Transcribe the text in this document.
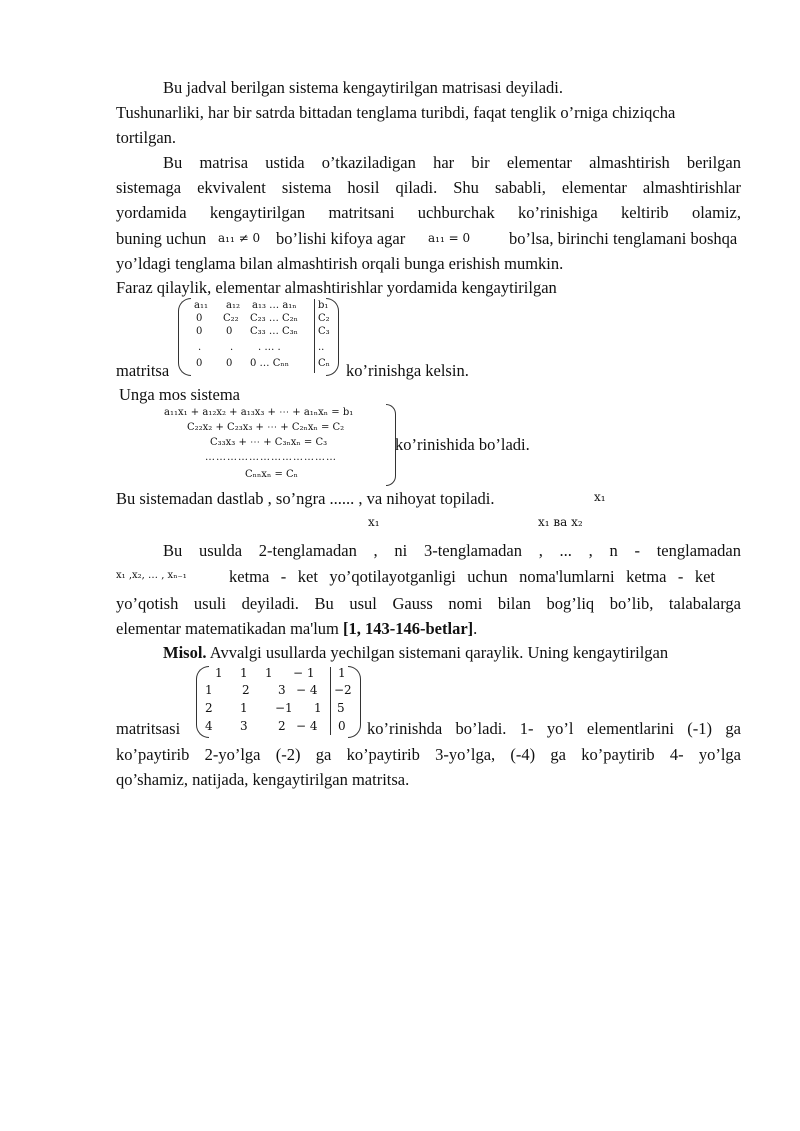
Bu jadval berilgan sistema kengaytirilgan matrisasi deyiladi.
Tushunarliki, har bir satrda bittadan tenglama turibdi, faqat tenglik o’rniga chiziqcha
tortilgan.
Bu matrisa ustida o’tkaziladigan har bir elementar almashtirish berilgan
sistemaga ekvivalent sistema hosil qiladi. Shu sababli, elementar almashtirishlar
yordamida kengaytirilgan matritsani uchburchak ko’rinishiga keltirib olamiz,
buning uchun a₁₁ ≠ 0 bo’lishi kifoya agar a₁₁ = 0 bo’lsa, birinchi tenglamani boshqa
yo’ldagi tenglama bilan almashtirish orqali bunga erishish mumkin.
Faraz qilaylik, elementar almashtirishlar yordamida kengaytirilgan
matritsa
a₁₁ a₁₂ a₁₃ … a₁ₙ b₁
0 C₂₂ C₂₃ … C₂ₙ C₂
0 0 C₃₃ … C₃ₙ C₃
.	. . … .	..
0 0 0 … Cₙₙ	Cₙ ko’rinishga kelsin.
Unga mos sistema
a₁₁x₁ + a₁₂x₂ + a₁₃x₃ + ⋯ + a₁ₙxₙ = b₁
C₂₂x₂ + C₂₃x₃ + ⋯ + C₂ₙxₙ = C₂
C₃₃x₃ + ⋯ + C₃ₙxₙ = C₃
………………………………
Cₙₙxₙ = Cₙ
ko’rinishida bo’ladi.
Bu sistemadan dastlab , so’ngra ...... , va nihoyat topiladi.	x₁
x₁	x₁ ва x₂
Bu usulda 2-tenglamadan , ni 3-tenglamadan , ... , n - tenglamadan
x₁ ,x₂, … , xₙ₋₁	ketma - ket yo’qotilayotganligi uchun noma'lumlarni ketma - ket
yo’qotish usuli deyiladi. Bu usul Gauss nomi bilan bog’liq bo’lib, talabalarga
elementar matematikadan ma'lum [1, 143-146-betlar].
Misol. Avvalgi usullarda yechilgan sistemani qaraylik. Uning kengaytirilgan
matritsasi
1 1 1 − 1 1
1 2 3 − 4 −2
2 1 −1 1 5
4 3	2 − 4 0 ko’rinishda bo’ladi. 1- yo’l elementlarini (-1) ga
ko’paytirib 2-yo’lga (-2) ga ko’paytirib 3-yo’lga, (-4) ga ko’paytirib 4- yo’lga
qo’shamiz, natijada, kengaytirilgan matritsa.
